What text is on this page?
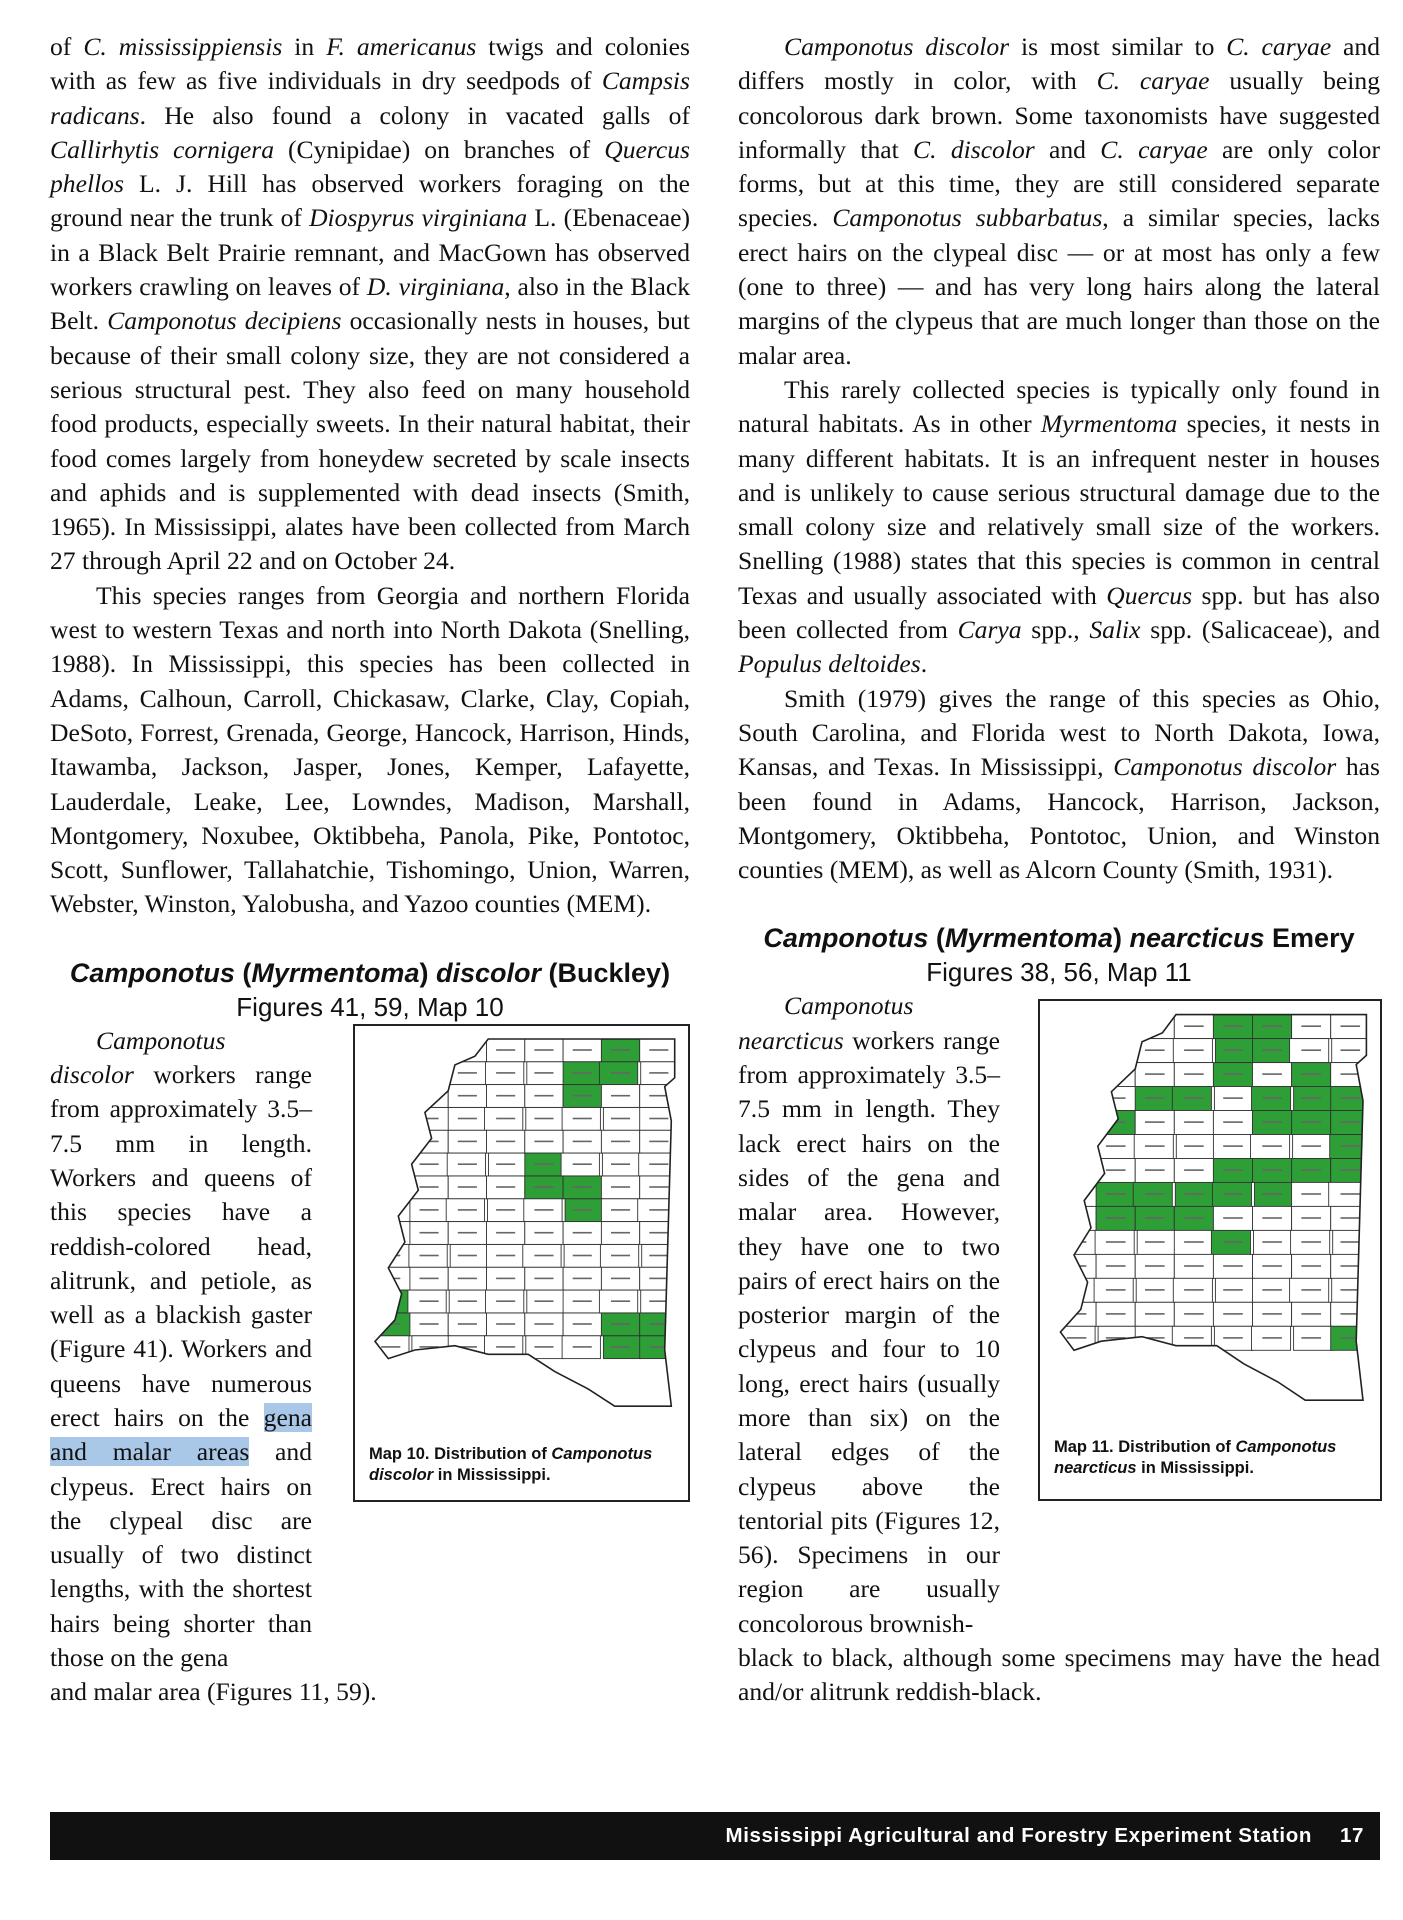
of C. mississippiensis in F. americanus twigs and colonies with as few as five individuals in dry seedpods of Campsis radicans. He also found a colony in vacated galls of Callirhytis cornigera (Cynipidae) on branches of Quercus phellos L. J. Hill has observed workers foraging on the ground near the trunk of Diospyrus virginiana L. (Ebenaceae) in a Black Belt Prairie remnant, and MacGown has observed workers crawling on leaves of D. virginiana, also in the Black Belt. Camponotus decipiens occasionally nests in houses, but because of their small colony size, they are not considered a serious structural pest. They also feed on many household food products, especially sweets. In their natural habitat, their food comes largely from honeydew secreted by scale insects and aphids and is supplemented with dead insects (Smith, 1965). In Mississippi, alates have been collected from March 27 through April 22 and on October 24.

This species ranges from Georgia and northern Florida west to western Texas and north into North Dakota (Snelling, 1988). In Mississippi, this species has been collected in Adams, Calhoun, Carroll, Chickasaw, Clarke, Clay, Copiah, DeSoto, Forrest, Grenada, George, Hancock, Harrison, Hinds, Itawamba, Jackson, Jasper, Jones, Kemper, Lafayette, Lauderdale, Leake, Lee, Lowndes, Madison, Marshall, Montgomery, Noxubee, Oktibbeha, Panola, Pike, Pontotoc, Scott, Sunflower, Tallahatchie, Tishomingo, Union, Warren, Webster, Winston, Yalobusha, and Yazoo counties (MEM).

Camponotus (Myrmentoma) discolor (Buckley)

Figures 41, 59, Map 10

Camponotus discolor workers range from approximately 3.5–7.5 mm in length. Workers and queens of this species have a reddish-colored head, alitrunk, and petiole, as well as a blackish gaster (Figure 41). Workers and queens have numerous erect hairs on the gena and malar areas and clypeus. Erect hairs on the clypeal disc are usually of two distinct lengths, with the shortest hairs being shorter than those on the gena

and malar area (Figures 11, 59).

Map 10. Distribution of Camponotus discolor in Mississippi.

Camponotus discolor is most similar to C. caryae and differs mostly in color, with C. caryae usually being concolorous dark brown. Some taxonomists have suggested informally that C. discolor and C. caryae are only color forms, but at this time, they are still considered separate species. Camponotus subbarbatus, a similar species, lacks erect hairs on the clypeal disc — or at most has only a few (one to three) — and has very long hairs along the lateral margins of the clypeus that are much longer than those on the malar area.

This rarely collected species is typically only found in natural habitats. As in other Myrmentoma species, it nests in many different habitats. It is an infrequent nester in houses and is unlikely to cause serious structural damage due to the small colony size and relatively small size of the workers. Snelling (1988) states that this species is common in central Texas and usually associated with Quercus spp. but has also been collected from Carya spp., Salix spp. (Salicaceae), and Populus deltoides.

Smith (1979) gives the range of this species as Ohio, South Carolina, and Florida west to North Dakota, Iowa, Kansas, and Texas. In Mississippi, Camponotus discolor has been found in Adams, Hancock, Harrison, Jackson, Montgomery, Oktibbeha, Pontotoc, Union, and Winston counties (MEM), as well as Alcorn County (Smith, 1931).

Camponotus (Myrmentoma) nearcticus Emery

Figures 38, 56, Map 11

Camponotus nearcticus workers range from approximately 3.5–7.5 mm in length. They lack erect hairs on the sides of the gena and malar area. However, they have one to two pairs of erect hairs on the posterior margin of the clypeus and four to 10 long, erect hairs (usually more than six) on the lateral edges of the clypeus above the tentorial pits (Figures 12, 56). Specimens in our region are usually concolorous brownish-

black to black, although some specimens may have the head and/or alitrunk reddish-black.

Map 11. Distribution of Camponotus nearcticus in Mississippi.
Mississippi Agricultural and Forestry Experiment Station 17
